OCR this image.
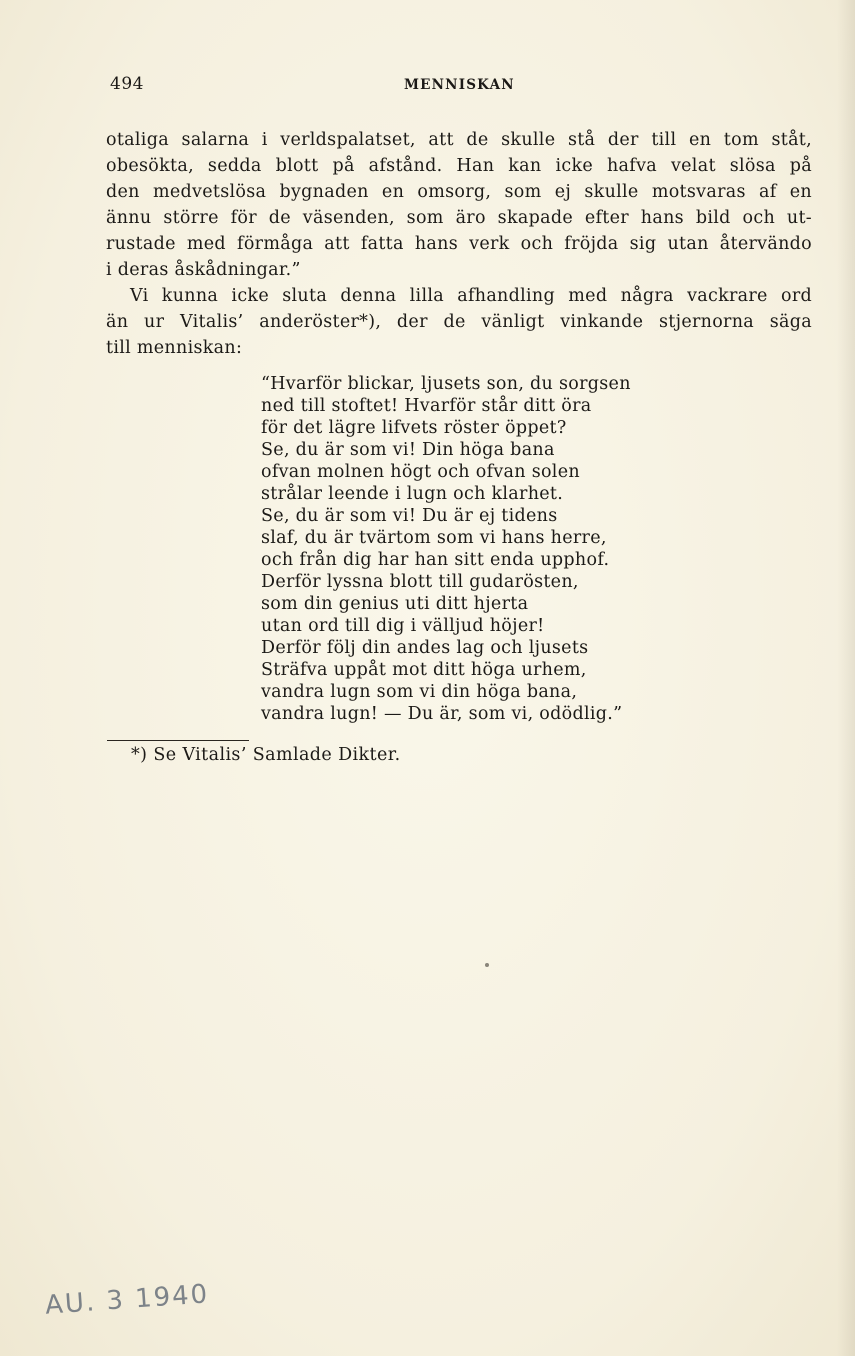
494	MENNISKAN
otaliga salarna i verldspalatset, att de skulle stå der till en tom ståt,
obesökta, sedda blott på afstånd. Han kan icke hafva velat slösa på
den medvetslösa bygnaden en omsorg, som ej skulle motsvaras af en
ännu större för de väsenden, som äro skapade efter hans bild och ut-
rustade med förmåga att fatta hans verk och fröjda sig utan återvändo
i deras åskådningar.”
Vi kunna icke sluta denna lilla afhandling med några vackrare ord
än ur Vitalis’ anderöster*), der de vänligt vinkande stjernorna säga
till menniskan:
“Hvarför blickar, ljusets son, du sorgsen
ned till stoftet! Hvarför står ditt öra
för det lägre lifvets röster öppet?
Se, du är som vi! Din höga bana
ofvan molnen högt och ofvan solen
strålar leende i lugn och klarhet.
Se, du är som vi! Du är ej tidens
slaf, du är tvärtom som vi hans herre,
och från dig har han sitt enda upphof.
Derför lyssna blott till gudarösten,
som din genius uti ditt hjerta
utan ord till dig i välljud höjer!
Derför följ din andes lag och ljusets
Sträfva uppåt mot ditt höga urhem,
vandra lugn som vi din höga bana,
vandra lugn! — Du är, som vi, odödlig.”
*) Se Vitalis’ Samlade Dikter.
AU. 3 1940
